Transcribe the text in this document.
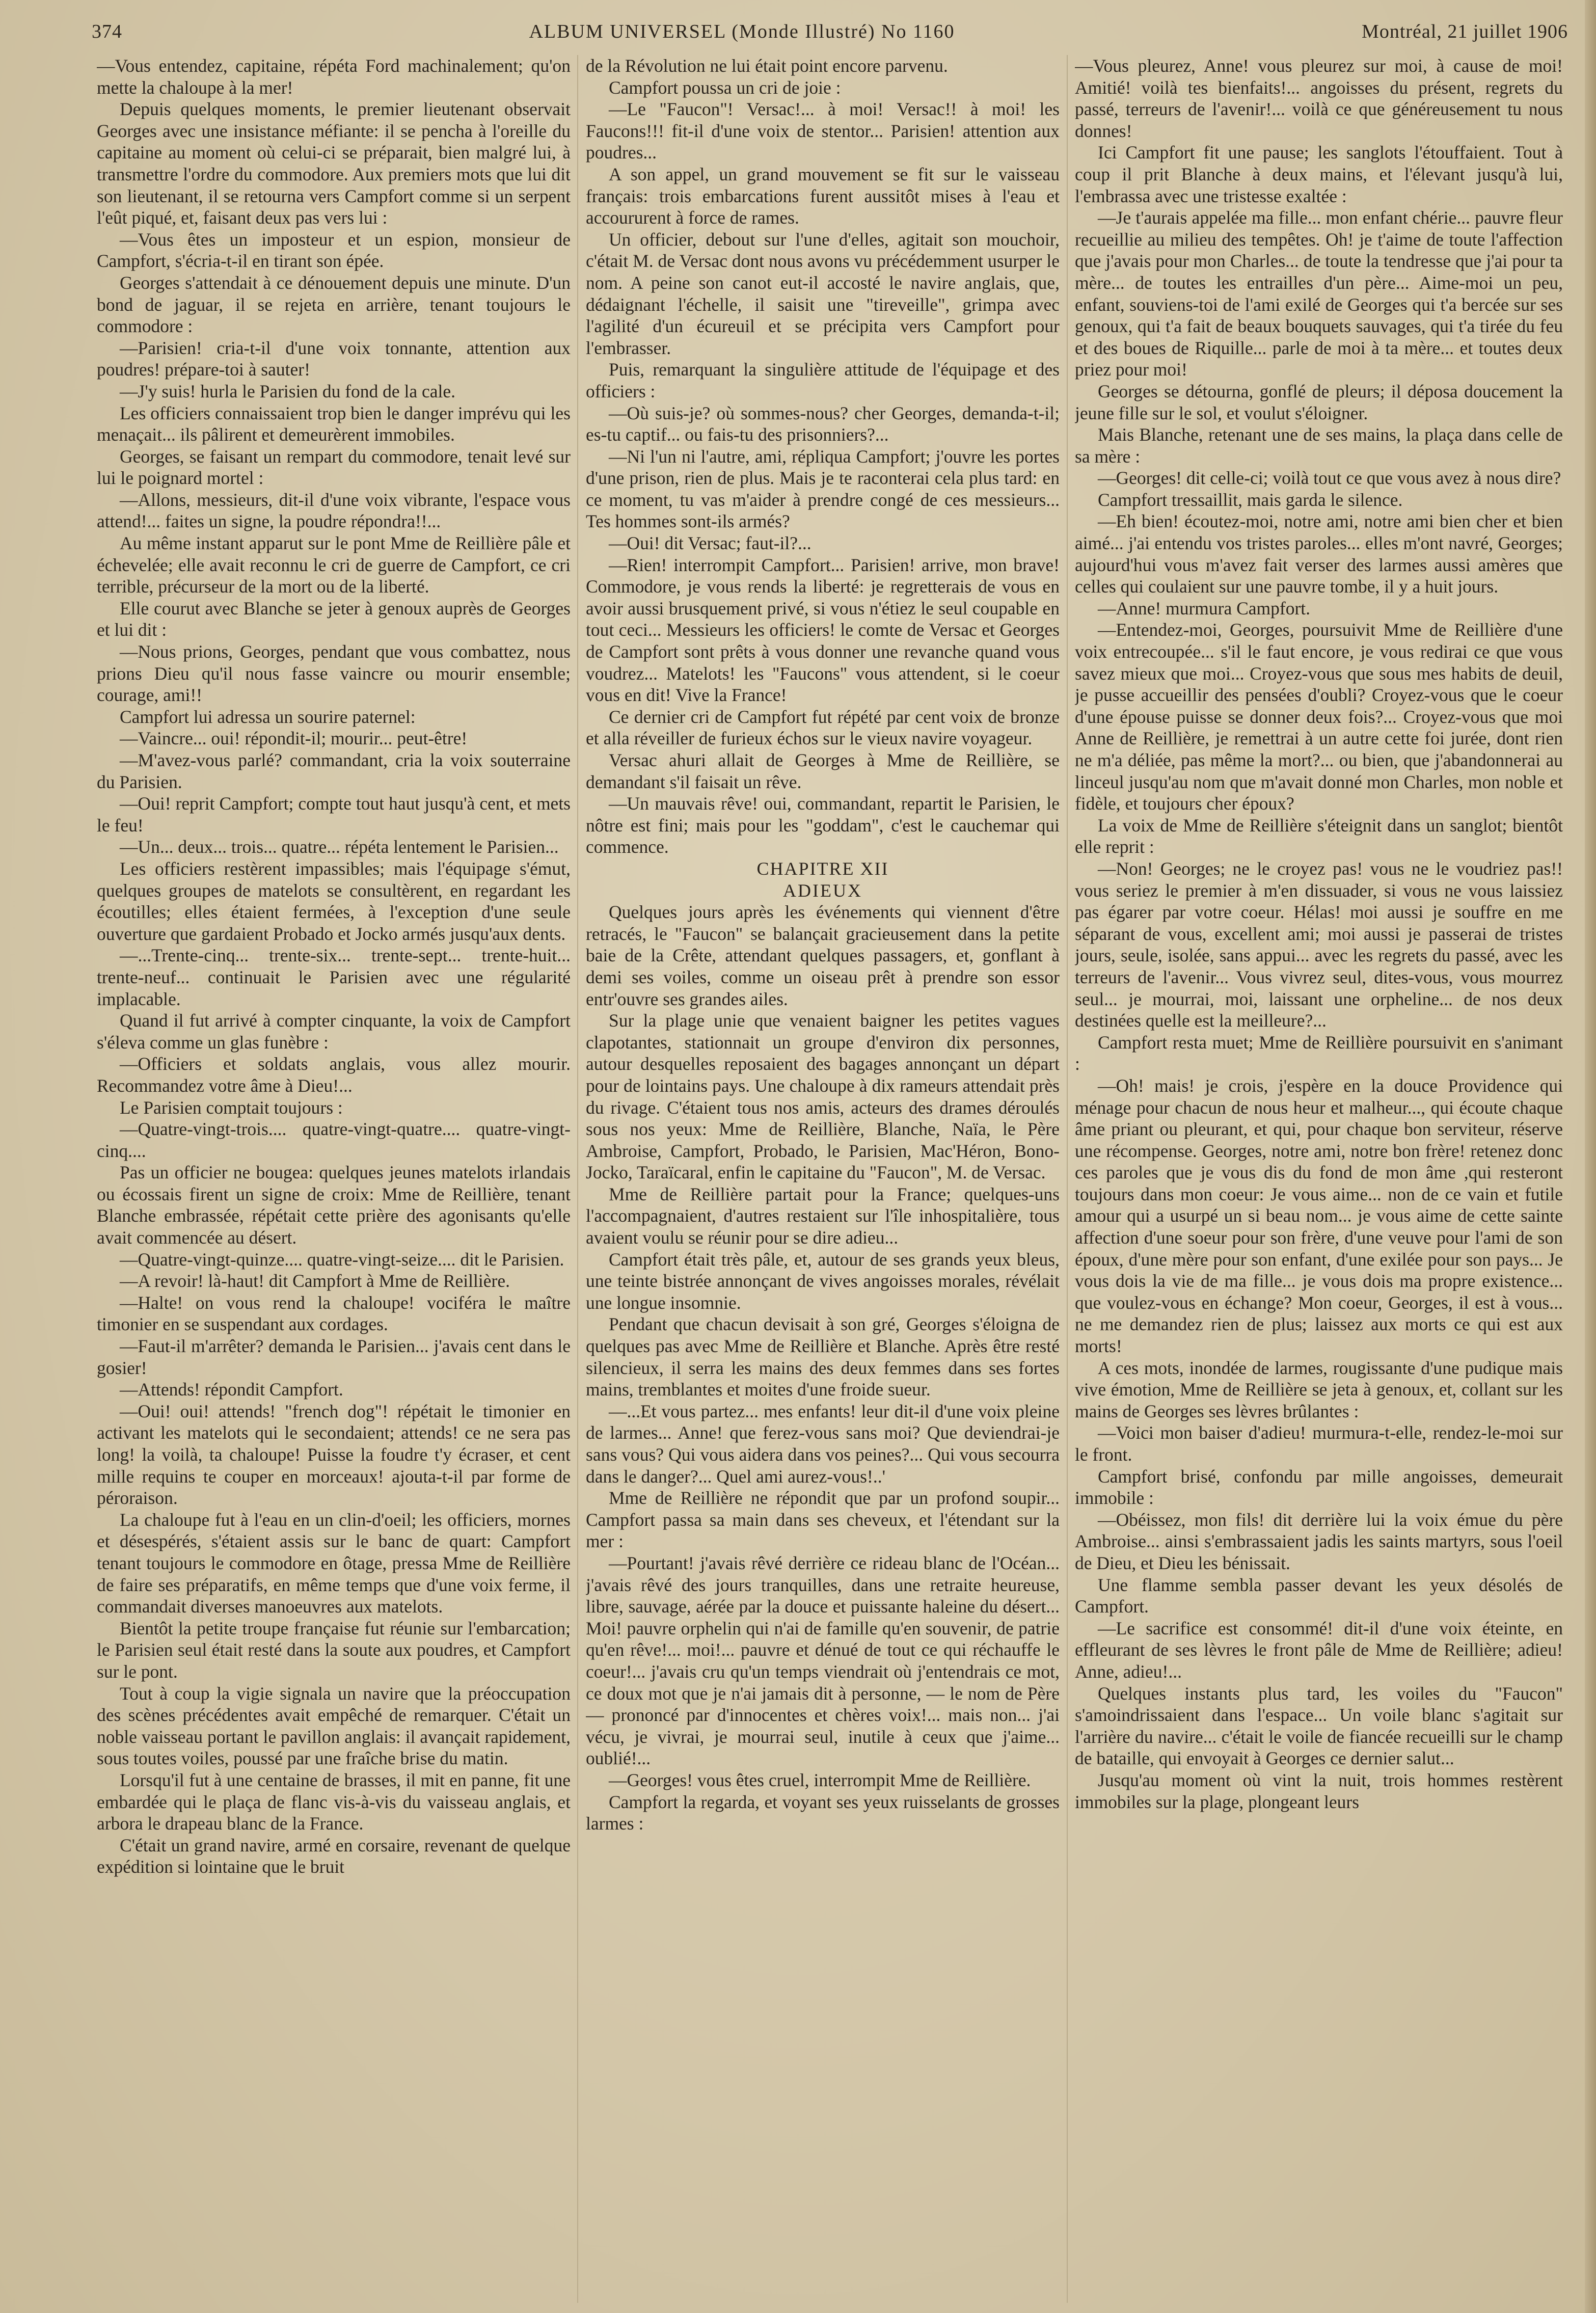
374	ALBUM UNIVERSEL (Monde Illustré) No 1160	Montréal, 21 juillet 1906

—Vous entendez, capitaine, répéta Ford machinalement; qu'on mette la chaloupe à la mer!

Depuis quelques moments, le premier lieutenant observait Georges avec une insistance méfiante: il se pencha à l'oreille du capitaine au moment où celui-ci se préparait, bien malgré lui, à transmettre l'ordre du commodore. Aux premiers mots que lui dit son lieutenant, il se retourna vers Campfort comme si un serpent l'eût piqué, et, faisant deux pas vers lui :

—Vous êtes un imposteur et un espion, monsieur de Campfort, s'écria-t-il en tirant son épée.

Georges s'attendait à ce dénouement depuis une minute. D'un bond de jaguar, il se rejeta en arrière, tenant toujours le commodore :

—Parisien! cria-t-il d'une voix tonnante, attention aux poudres! prépare-toi à sauter!

—J'y suis! hurla le Parisien du fond de la cale.

Les officiers connaissaient trop bien le danger imprévu qui les menaçait... ils pâlirent et demeurèrent immobiles.

Georges, se faisant un rempart du commodore, tenait levé sur lui le poignard mortel :

—Allons, messieurs, dit-il d'une voix vibrante, l'espace vous attend!... faites un signe, la poudre répondra!!...

Au même instant apparut sur le pont Mme de Reillière pâle et échevelée; elle avait reconnu le cri de guerre de Campfort, ce cri terrible, précurseur de la mort ou de la liberté.

Elle courut avec Blanche se jeter à genoux auprès de Georges et lui dit :

—Nous prions, Georges, pendant que vous combattez, nous prions Dieu qu'il nous fasse vaincre ou mourir ensemble; courage, ami!!

Campfort lui adressa un sourire paternel:

—Vaincre... oui! répondit-il; mourir... peut-être!

—M'avez-vous parlé? commandant, cria la voix souterraine du Parisien.

—Oui! reprit Campfort; compte tout haut jusqu'à cent, et mets le feu!

—Un... deux... trois... quatre... répéta lentement le Parisien...

Les officiers restèrent impassibles; mais l'équipage s'émut, quelques groupes de matelots se consultèrent, en regardant les écoutilles; elles étaient fermées, à l'exception d'une seule ouverture que gardaient Probado et Jocko armés jusqu'aux dents.

—...Trente-cinq... trente-six... trente-sept... trente-huit... trente-neuf... continuait le Parisien avec une régularité implacable.

Quand il fut arrivé à compter cinquante, la voix de Campfort s'éleva comme un glas funèbre :

—Officiers et soldats anglais, vous allez mourir. Recommandez votre âme à Dieu!...

Le Parisien comptait toujours :

—Quatre-vingt-trois.... quatre-vingt-quatre.... quatre-vingt-cinq....

Pas un officier ne bougea: quelques jeunes matelots irlandais ou écossais firent un signe de croix: Mme de Reillière, tenant Blanche embrassée, répétait cette prière des agonisants qu'elle avait commencée au désert.

—Quatre-vingt-quinze.... quatre-vingt-seize.... dit le Parisien.

—A revoir! là-haut! dit Campfort à Mme de Reillière.

—Halte! on vous rend la chaloupe! vociféra le maître timonier en se suspendant aux cordages.

—Faut-il m'arrêter? demanda le Parisien... j'avais cent dans le gosier!

—Attends! répondit Campfort.

—Oui! oui! attends! "french dog"! répétait le timonier en activant les matelots qui le secondaient; attends! ce ne sera pas long! la voilà, ta chaloupe! Puisse la foudre t'y écraser, et cent mille requins te couper en morceaux! ajouta-t-il par forme de péroraison.

La chaloupe fut à l'eau en un clin-d'oeil; les officiers, mornes et désespérés, s'étaient assis sur le banc de quart: Campfort tenant toujours le commodore en ôtage, pressa Mme de Reillière de faire ses préparatifs, en même temps que d'une voix ferme, il commandait diverses manoeuvres aux matelots.

Bientôt la petite troupe française fut réunie sur l'embarcation; le Parisien seul était resté dans la soute aux poudres, et Campfort sur le pont.

Tout à coup la vigie signala un navire que la préoccupation des scènes précédentes avait empêché de remarquer. C'était un noble vaisseau portant le pavillon anglais: il avançait rapidement, sous toutes voiles, poussé par une fraîche brise du matin.

Lorsqu'il fut à une centaine de brasses, il mit en panne, fit une embardée qui le plaça de flanc vis-à-vis du vaisseau anglais, et arbora le drapeau blanc de la France.

C'était un grand navire, armé en corsaire, revenant de quelque expédition si lointaine que le bruit

de la Révolution ne lui était point encore parvenu.

Campfort poussa un cri de joie :

—Le "Faucon"! Versac!... à moi! Versac!! à moi! les Faucons!!! fit-il d'une voix de stentor... Parisien! attention aux poudres...

A son appel, un grand mouvement se fit sur le vaisseau français: trois embarcations furent aussitôt mises à l'eau et accoururent à force de rames.

Un officier, debout sur l'une d'elles, agitait son mouchoir, c'était M. de Versac dont nous avons vu précédemment usurper le nom. A peine son canot eut-il accosté le navire anglais, que, dédaignant l'échelle, il saisit une "tireveille", grimpa avec l'agilité d'un écureuil et se précipita vers Campfort pour l'embrasser.

Puis, remarquant la singulière attitude de l'équipage et des officiers :

—Où suis-je? où sommes-nous? cher Georges, demanda-t-il; es-tu captif... ou fais-tu des prisonniers?...

—Ni l'un ni l'autre, ami, répliqua Campfort; j'ouvre les portes d'une prison, rien de plus. Mais je te raconterai cela plus tard: en ce moment, tu vas m'aider à prendre congé de ces messieurs... Tes hommes sont-ils armés?

—Oui! dit Versac; faut-il?...

—Rien! interrompit Campfort... Parisien! arrive, mon brave! Commodore, je vous rends la liberté: je regretterais de vous en avoir aussi brusquement privé, si vous n'étiez le seul coupable en tout ceci... Messieurs les officiers! le comte de Versac et Georges de Campfort sont prêts à vous donner une revanche quand vous voudrez... Matelots! les "Faucons" vous attendent, si le coeur vous en dit! Vive la France!

Ce dernier cri de Campfort fut répété par cent voix de bronze et alla réveiller de furieux échos sur le vieux navire voyageur.

Versac ahuri allait de Georges à Mme de Reillière, se demandant s'il faisait un rêve.

—Un mauvais rêve! oui, commandant, repartit le Parisien, le nôtre est fini; mais pour les "goddam", c'est le cauchemar qui commence.

CHAPITRE XII

ADIEUX

Quelques jours après les événements qui viennent d'être retracés, le "Faucon" se balançait gracieusement dans la petite baie de la Crête, attendant quelques passagers, et, gonflant à demi ses voiles, comme un oiseau prêt à prendre son essor entr'ouvre ses grandes ailes.

Sur la plage unie que venaient baigner les petites vagues clapotantes, stationnait un groupe d'environ dix personnes, autour desquelles reposaient des bagages annonçant un départ pour de lointains pays. Une chaloupe à dix rameurs attendait près du rivage. C'étaient tous nos amis, acteurs des drames déroulés sous nos yeux: Mme de Reillière, Blanche, Naïa, le Père Ambroise, Campfort, Probado, le Parisien, Mac'Héron, Bono-Jocko, Taraïcaral, enfin le capitaine du "Faucon", M. de Versac.

Mme de Reillière partait pour la France; quelques-uns l'accompagnaient, d'autres restaient sur l'île inhospitalière, tous avaient voulu se réunir pour se dire adieu...

Campfort était très pâle, et, autour de ses grands yeux bleus, une teinte bistrée annonçant de vives angoisses morales, révélait une longue insomnie.

Pendant que chacun devisait à son gré, Georges s'éloigna de quelques pas avec Mme de Reillière et Blanche. Après être resté silencieux, il serra les mains des deux femmes dans ses fortes mains, tremblantes et moites d'une froide sueur.

—...Et vous partez... mes enfants! leur dit-il d'une voix pleine de larmes... Anne! que ferez-vous sans moi? Que deviendrai-je sans vous? Qui vous aidera dans vos peines?... Qui vous secourra dans le danger?... Quel ami aurez-vous!..'

Mme de Reillière ne répondit que par un profond soupir... Campfort passa sa main dans ses cheveux, et l'étendant sur la mer :

—Pourtant! j'avais rêvé derrière ce rideau blanc de l'Océan... j'avais rêvé des jours tranquilles, dans une retraite heureuse, libre, sauvage, aérée par la douce et puissante haleine du désert... Moi! pauvre orphelin qui n'ai de famille qu'en souvenir, de patrie qu'en rêve!... moi!... pauvre et dénué de tout ce qui réchauffe le coeur!... j'avais cru qu'un temps viendrait où j'entendrais ce mot, ce doux mot que je n'ai jamais dit à personne, — le nom de Père — prononcé par d'innocentes et chères voix!... mais non... j'ai vécu, je vivrai, je mourrai seul, inutile à ceux que j'aime... oublié!...

—Georges! vous êtes cruel, interrompit Mme de Reillière.

Campfort la regarda, et voyant ses yeux ruisselants de grosses larmes :

—Vous pleurez, Anne! vous pleurez sur moi, à cause de moi! Amitié! voilà tes bienfaits!... angoisses du présent, regrets du passé, terreurs de l'avenir!... voilà ce que généreusement tu nous donnes!

Ici Campfort fit une pause; les sanglots l'étouffaient. Tout à coup il prit Blanche à deux mains, et l'élevant jusqu'à lui, l'embrassa avec une tristesse exaltée :

—Je t'aurais appelée ma fille... mon enfant chérie... pauvre fleur recueillie au milieu des tempêtes. Oh! je t'aime de toute l'affection que j'avais pour mon Charles... de toute la tendresse que j'ai pour ta mère... de toutes les entrailles d'un père... Aime-moi un peu, enfant, souviens-toi de l'ami exilé de Georges qui t'a bercée sur ses genoux, qui t'a fait de beaux bouquets sauvages, qui t'a tirée du feu et des boues de Riquille... parle de moi à ta mère... et toutes deux priez pour moi!

Georges se détourna, gonflé de pleurs; il déposa doucement la jeune fille sur le sol, et voulut s'éloigner.

Mais Blanche, retenant une de ses mains, la plaça dans celle de sa mère :

—Georges! dit celle-ci; voilà tout ce que vous avez à nous dire?

Campfort tressaillit, mais garda le silence.

—Eh bien! écoutez-moi, notre ami, notre ami bien cher et bien aimé... j'ai entendu vos tristes paroles... elles m'ont navré, Georges; aujourd'hui vous m'avez fait verser des larmes aussi amères que celles qui coulaient sur une pauvre tombe, il y a huit jours.

—Anne! murmura Campfort.

—Entendez-moi, Georges, poursuivit Mme de Reillière d'une voix entrecoupée... s'il le faut encore, je vous redirai ce que vous savez mieux que moi... Croyez-vous que sous mes habits de deuil, je pusse accueillir des pensées d'oubli? Croyez-vous que le coeur d'une épouse puisse se donner deux fois?... Croyez-vous que moi Anne de Reillière, je remettrai à un autre cette foi jurée, dont rien ne m'a déliée, pas même la mort?... ou bien, que j'abandonnerai au linceul jusqu'au nom que m'avait donné mon Charles, mon noble et fidèle, et toujours cher époux?

La voix de Mme de Reillière s'éteignit dans un sanglot; bientôt elle reprit :

—Non! Georges; ne le croyez pas! vous ne le voudriez pas!! vous seriez le premier à m'en dissuader, si vous ne vous laissiez pas égarer par votre coeur. Hélas! moi aussi je souffre en me séparant de vous, excellent ami; moi aussi je passerai de tristes jours, seule, isolée, sans appui... avec les regrets du passé, avec les terreurs de l'avenir... Vous vivrez seul, dites-vous, vous mourrez seul... je mourrai, moi, laissant une orpheline... de nos deux destinées quelle est la meilleure?...

Campfort resta muet; Mme de Reillière poursuivit en s'animant :

—Oh! mais! je crois, j'espère en la douce Providence qui ménage pour chacun de nous heur et malheur..., qui écoute chaque âme priant ou pleurant, et qui, pour chaque bon serviteur, réserve une récompense. Georges, notre ami, notre bon frère! retenez donc ces paroles que je vous dis du fond de mon âme ,qui resteront toujours dans mon coeur: Je vous aime... non de ce vain et futile amour qui a usurpé un si beau nom... je vous aime de cette sainte affection d'une soeur pour son frère, d'une veuve pour l'ami de son époux, d'une mère pour son enfant, d'une exilée pour son pays... Je vous dois la vie de ma fille... je vous dois ma propre existence... que voulez-vous en échange? Mon coeur, Georges, il est à vous... ne me demandez rien de plus; laissez aux morts ce qui est aux morts!

A ces mots, inondée de larmes, rougissante d'une pudique mais vive émotion, Mme de Reillière se jeta à genoux, et, collant sur les mains de Georges ses lèvres brûlantes :

—Voici mon baiser d'adieu! murmura-t-elle, rendez-le-moi sur le front.

Campfort brisé, confondu par mille angoisses, demeurait immobile :

—Obéissez, mon fils! dit derrière lui la voix émue du père Ambroise... ainsi s'embrassaient jadis les saints martyrs, sous l'oeil de Dieu, et Dieu les bénissait.

Une flamme sembla passer devant les yeux désolés de Campfort.

—Le sacrifice est consommé! dit-il d'une voix éteinte, en effleurant de ses lèvres le front pâle de Mme de Reillière; adieu! Anne, adieu!...

Quelques instants plus tard, les voiles du "Faucon" s'amoindrissaient dans l'espace... Un voile blanc s'agitait sur l'arrière du navire... c'était le voile de fiancée recueilli sur le champ de bataille, qui envoyait à Georges ce dernier salut...

Jusqu'au moment où vint la nuit, trois hommes restèrent immobiles sur la plage, plongeant leurs
